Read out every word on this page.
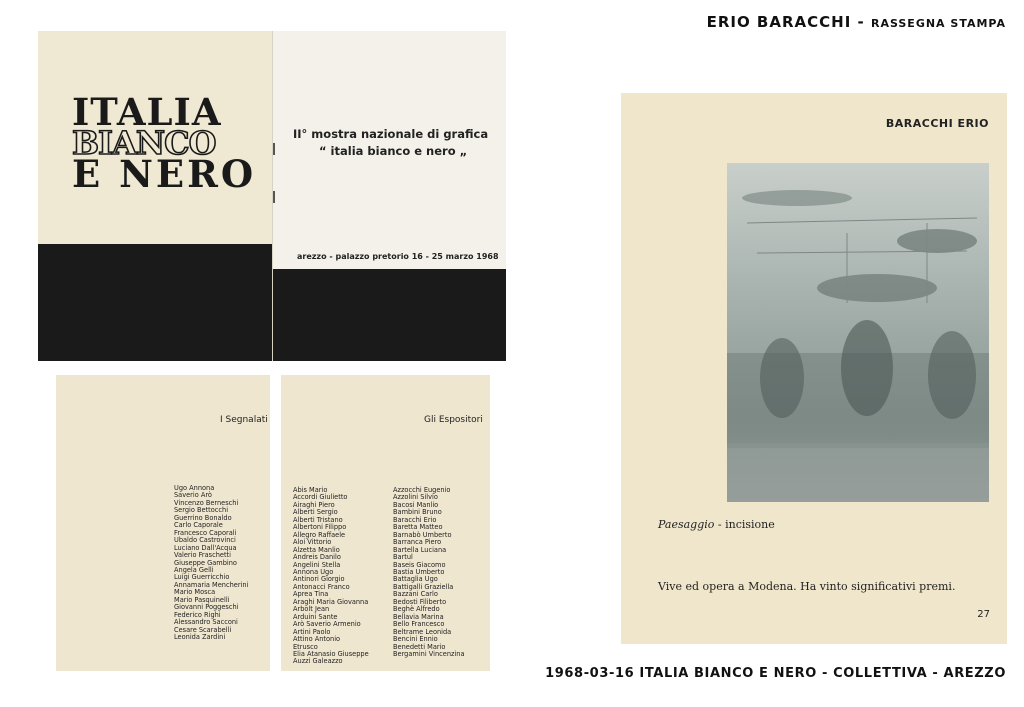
ERIO BARACCHI - RASSEGNA STAMPA
ITALIA
BIANCO
E NERO
II° mostra nazionale di grafica
“ italia bianco e nero „
arezzo - palazzo pretorio 16 - 25 marzo 1968
I Segnalati
Ugo Annona
Saverio Arò
Vincenzo Berneschi
Sergio Bettocchi
Guerrino Bonaldo
Carlo Caporale
Francesco Caporali
Ubaldo Castrovinci
Luciano Dall'Acqua
Valerio Fraschetti
Giuseppe Gambino
Angela Gelli
Luigi Guerricchio
Annamaria Mencherini
Mario Mosca
Mario Pasquinelli
Giovanni Poggeschi
Federico Righi
Alessandro Sacconi
Cesare Scarabelli
Leonida Zardini
Gli Espositori
Abis Mario
Accordi Giulietto
Airaghi Piero
Alberti Sergio
Alberti Tristano
Albertoni Filippo
Allegro Raffaele
Aloi Vittorio
Alzetta Manlio
Andreis Danilo
Angelini Stella
Annona Ugo
Antinori Giorgio
Antonacci Franco
Aprea Tina
Araghi Maria Giovanna
Arbolt Jean
Arduini Sante
Arò Saverio Armenio
Artini Paolo
Attino Antonio
Etrusco
Elia Atanasio Giuseppe
Auzzi Galeazzo
Azzocchi Eugenio
Azzolini Silvio
Bacosi Manlio
Bambini Bruno
Baracchi Erio
Baretta Matteo
Barnabò Umberto
Barranca Piero
Bartella Luciana
Bartul
Baseis Giacomo
Bastia Umberto
Battaglia Ugo
Battigalli Graziella
Bazzani Carlo
Bedosti Filiberto
Beghè Alfredo
Bellavia Marina
Bello Francesco
Beltrame Leonida
Bencini Ennio
Benedetti Mario
Bergamini Vincenzina
BARACCHI ERIO
Paesaggio - incisione
Vive ed opera a Modena. Ha vinto significativi premi.
27
1968-03-16 ITALIA BIANCO E NERO - COLLETTIVA - AREZZO
